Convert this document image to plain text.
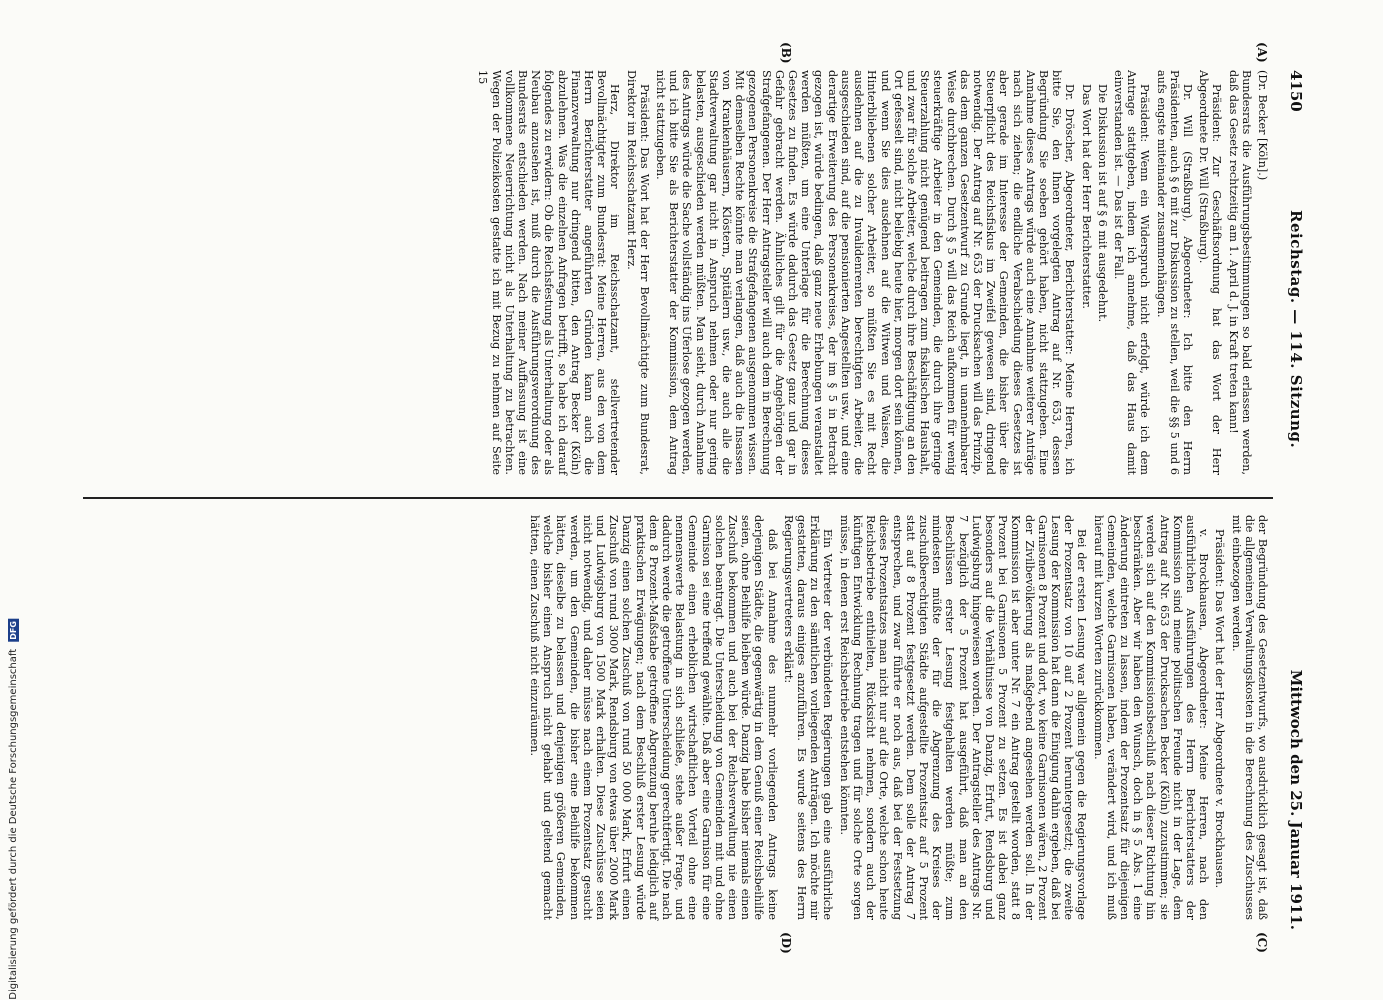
Digitalisierung gefördert durch die Deutsche Forschungsgemeinschaft DFG
4150
Reichstag. — 114. Sitzung.
Mittwoch den 25. Januar 1911.
(A)
(B)
(C)
(D)

(Dr. Becker [Köln].)

Bundesrats die Ausführungsbestimmungen so bald erlassen werden, daß das Gesetz rechtzeitig am 1. April d. J. in Kraft treten kann!

Präsident: Zur Geschäftsordnung hat das Wort der Herr Abgeordnete Dr. Will (Straßburg).

Dr. Will (Straßburg), Abgeordneter: Ich bitte den Herrn Präsidenten, auch § 6 mit zur Diskussion zu stellen, weil die §§ 5 und 6 aufs engste miteinander zusammenhängen.

Präsident: Wenn ein Widerspruch nicht erfolgt, würde ich dem Antrage stattgeben, indem ich annehme, daß das Haus damit einverstanden ist. — Das ist der Fall.

Die Diskussion ist auf § 6 mit ausgedehnt.

Das Wort hat der Herr Berichterstatter.

Dr. Dröscher, Abgeordneter, Berichterstatter: Meine Herren, ich bitte Sie, den Ihnen vorgelegten Antrag auf Nr. 653, dessen Begründung Sie soeben gehört haben, nicht stattzugeben. Eine Annahme dieses Antrags würde auch eine Annahme weiterer Anträge nach sich ziehen; die endliche Verabschiedung dieses Gesetzes ist aber gerade im Interesse der Gemeinden, die bisher über die Steuerpflicht des Reichsfiskus im Zweifel gewesen sind, dringend notwendig. Der Antrag auf Nr. 653 der Drucksachen will das Prinzip, das dem ganzen Gesetzentwurf zu Grunde liegt, in unannehmbarer Weise durchbrechen. Durch § 5 will das Reich aufkommen für wenig steuerkräftige Arbeiter in den Gemeinden, die durch ihre geringe Steuerzahlung nicht genügend beitragen zum fiskalischen Haushalt, und zwar für solche Arbeiter, welche durch ihre Beschäftigung an den Ort gefesselt sind, nicht beliebig heute hier, morgen dort sein können, und wenn Sie dies ausdehnen auf die Witwen und Waisen, die Hinterbliebenen solcher Arbeiter, so müßten Sie es mit Recht ausdehnen auf die zu Invalidenrenten berechtigten Arbeiter, die ausgeschieden sind, auf die pensionierten Angestellten usw., und eine derartige Erweiterung des Personenkreises, der im § 5 in Betracht gezogen ist, würde bedingen, daß ganz neue Erhebungen veranstaltet werden müßten, um eine Unterlage für die Berechnung dieses Gesetzes zu finden. Es würde dadurch das Gesetz ganz und gar in Gefahr gebracht werden. Ähnliches gilt für die Angehörigen der Strafgefangenen. Der Herr Antragsteller will auch dem in Berechnung gezogenen Personenkreise die Strafgefangenen ausgenommen wissen. Mit demselben Rechte könnte man verlangen, daß auch die Insassen von Krankenhäusern, Klöstern, Spitälern usw., die auch alle die Stadtverwaltung gar nicht in Anspruch nehmen oder nur gering belasten, ausgeschieden werden müßten. Man sieht, durch Annahme des Antrags würde die Sache vollständig ins Uferlose gezogen werden, und ich bitte Sie als Berichterstatter der Kommission, dem Antrag nicht stattzugeben.

Präsident: Das Wort hat der Herr Bevollmächtigte zum Bundesrat, Direktor im Reichsschatzamt Herz.

Herz, Direktor im Reichsschatzamt, stellvertretender Bevollmächtigter zum Bundesrat: Meine Herren, aus den von dem Herrn Berichterstatter angeführten Gründen kann auch die Finanzverwaltung nur dringend bitten, den Antrag Becker (Köln) abzulehnen. Was die einzelnen Anfragen betrifft, so habe ich darauf folgendes zu erwidern: Ob die Reichsfestung als Unterhaltung oder als Neubau anzusehen ist, muß durch die Ausführungsverordnung des Bundesrats entschieden werden. Nach meiner Auffassung ist eine vollkommene Neuerrichtung nicht als Unterhaltung zu betrachten. Wegen der Polizeikosten gestatte ich mit Bezug zu nehmen auf Seite 15

der Begründung des Gesetzentwurfs, wo ausdrücklich gesagt ist, daß die allgemeinen Verwaltungskosten in die Berechnung des Zuschusses mit einbezogen werden.

Präsident: Das Wort hat der Herr Abgeordnete v. Brockhausen.

v. Brockhausen, Abgeordneter: Meine Herren, nach den ausführlichen Ausführungen des Herrn Berichterstatters der Kommission sind meine politischen Freunde nicht in der Lage, dem Antrag auf Nr. 653 der Drucksachen Becker (Köln) zuzustimmen; sie werden sich auf den Kommissionsbeschluß nach dieser Richtung hin beschränken. Aber wir haben den Wunsch, doch in § 5 Abs. 1 eine Änderung eintreten zu lassen, indem der Prozentsatz für diejenigen Gemeinden, welche Garnisonen haben, verändert wird, und ich muß hierauf mit kurzen Worten zurückkommen.

Bei der ersten Lesung war allgemein gegen die Regierungsvorlage der Prozentsatz von 10 auf 2 Prozent heruntergesetzt; die zweite Lesung der Kommission hat dann die Einigung dahin ergeben, daß bei Garnisonen 8 Prozent und dort, wo keine Garnisonen wären, 2 Prozent der Zivilbevölkerung als maßgebend angesehen werden soll. In der Kommission ist aber unter Nr. 7 ein Antrag gestellt worden, statt 8 Prozent bei Garnisonen 5 Prozent zu setzen. Es ist dabei ganz besonders auf die Verhältnisse von Danzig, Erfurt, Rendsburg und Ludwigsburg hingewiesen worden. Der Antragsteller des Antrags Nr. 7 bezüglich der 5 Prozent hat ausgeführt, daß man an den Beschlüssen erster Lesung festgehalten werden müßte; zum mindesten müßte der für die Abgrenzung des Kreises der zuschußberechtigten Städte aufgestellte Prozentsatz auf 5 Prozent statt auf 8 Prozent festgesetzt werden. Dem solle der Antrag 7 entsprechen, und zwar führte er noch aus, daß bei der Festsetzung dieses Prozentsatzes man nicht nur auf die Orte, welche schon heute Reichsbetriebe enthielten, Rücksicht nehmen, sondern auch der künftigen Entwicklung Rechnung tragen und für solche Orte sorgen müsse, in denen erst Reichsbetriebe entstehen könnten.

Ein Vertreter der verbündeten Regierungen gab eine ausführliche Erklärung zu den sämtlichen vorliegenden Anträgen. Ich möchte mir gestatten, daraus einiges anzuführen. Es wurde seitens des Herrn Regierungsvertreters erklärt:

daß bei Annahme des nunmehr vorliegenden Antrags keine derjenigen Städte, die gegenwärtig in dem Genuß einer Reichsbeihilfe seien, ohne Beihilfe bleiben würde. Danzig habe bisher niemals einen Zuschuß bekommen und auch bei der Reichsverwaltung nie einen solchen beantragt. Die Unterscheidung von Gemeinden mit und ohne Garnison sei eine treffend gewählte. Daß aber eine Garnison für eine Gemeinde einen erheblichen wirtschaftlichen Vorteil ohne eine nennenswerte Belastung in sich schließe, stehe außer Frage, und dadurch werde die getroffene Unterscheidung gerechtfertigt. Die nach dem 8 Prozent-Maßstabe getroffene Abgrenzung beruhe lediglich auf praktischen Erwägungen; nach dem Beschluß erster Lesung würde Danzig einen solchen Zuschuß von rund 50 000 Mark, Erfurt einen Zuschuß von rund 3000 Mark, Rendsburg von etwas über 2000 Mark und Ludwigsburg von 1500 Mark erhalten. Diese Zuschüsse seien nicht notwendig, und daher müsse nach einem Prozentsatz gesucht werden, um den Gemeinden, die bisher eine Beihilfe bekommen hätten, dieselbe zu belassen und denjenigen größeren Gemeinden, welche bisher einen Anspruch nicht gehabt und geltend gemacht hätten, einen Zuschuß nicht einzuräumen.
